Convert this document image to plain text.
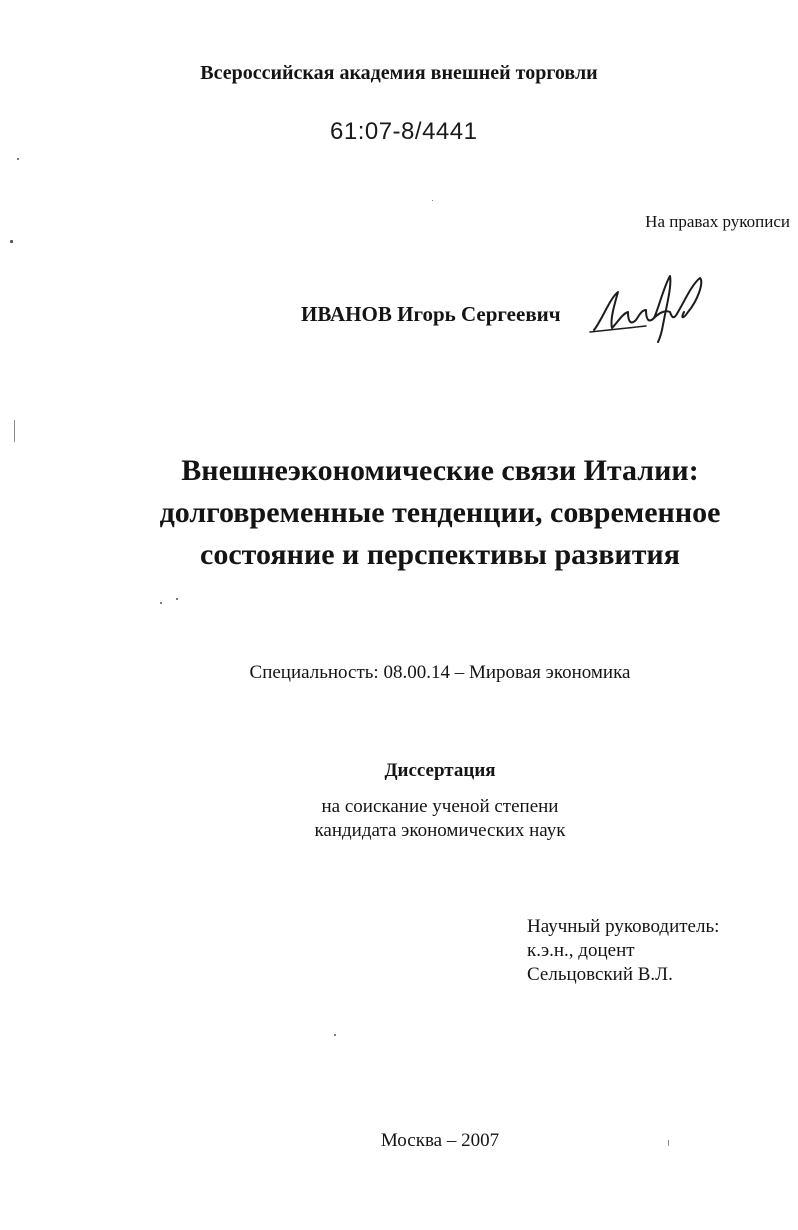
Всероссийская академия внешней торговли
61:07-8/4441
На правах рукописи
ИВАНОВ Игорь Сергеевич
Внешнеэкономические связи Италии:
долговременные тенденции, современное
состояние и перспективы развития
Специальность: 08.00.14 – Мировая экономика
Диссертация
на соискание ученой степени
кандидата экономических наук
Научный руководитель:
к.э.н., доцент
Сельцовский В.Л.
Москва – 2007
